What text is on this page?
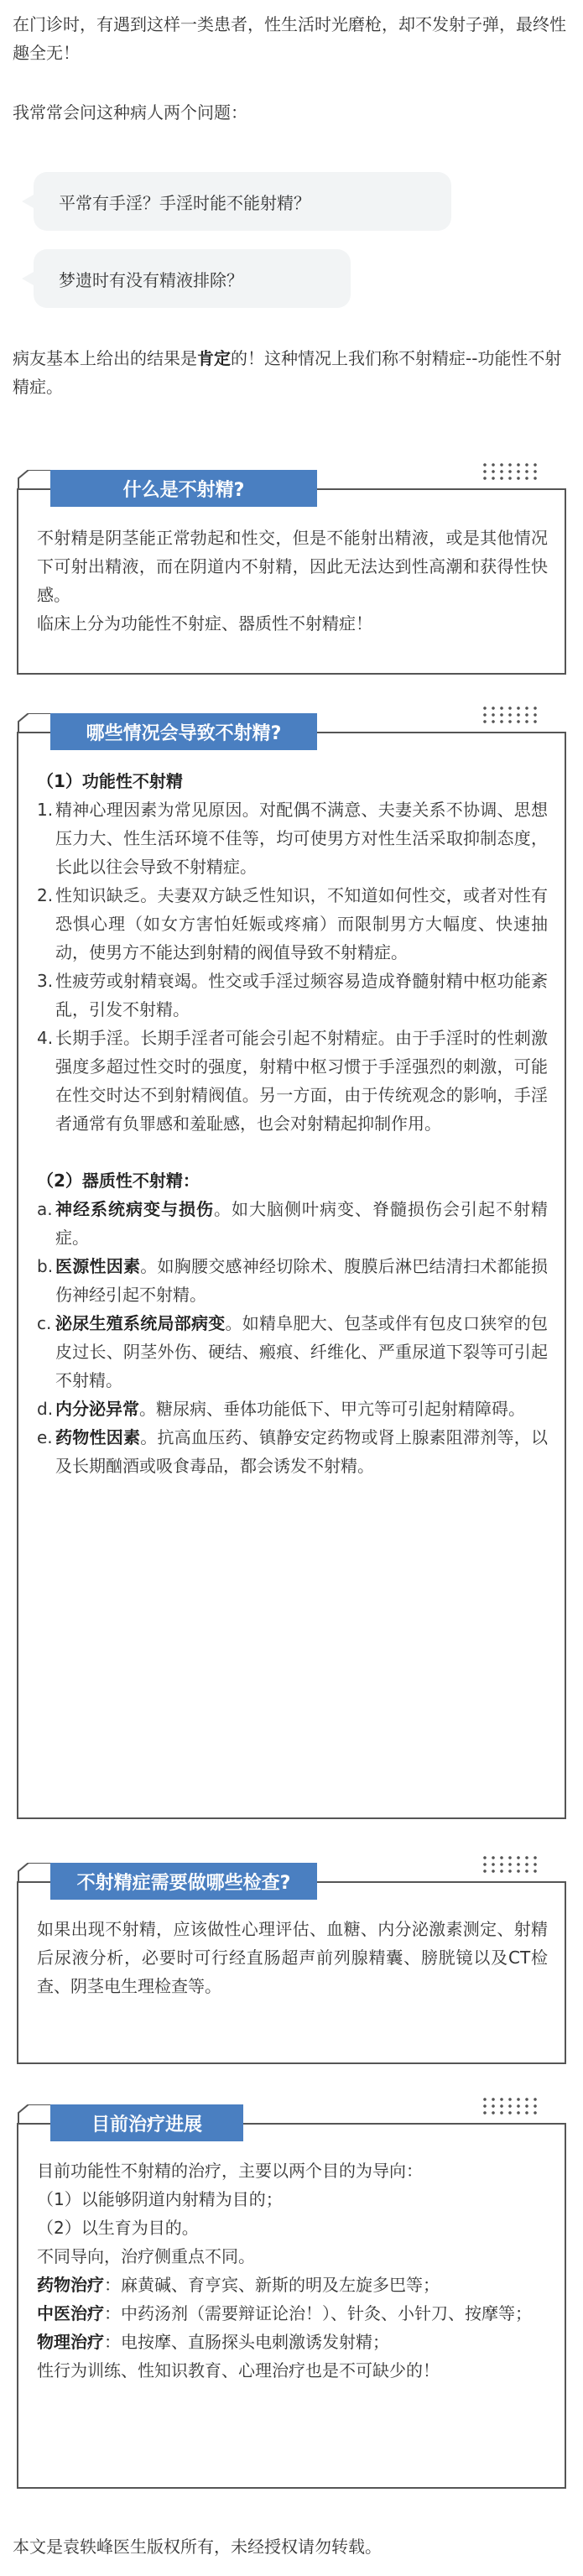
在门诊时，有遇到这样一类患者，性生活时光磨枪，却不发射子弹，最终性趣全无！

我常常会问这种病人两个问题：

平常有手淫？手淫时能不能射精？
梦遗时有没有精液排除？

病友基本上给出的结果是肯定的！这种情况上我们称不射精症--功能性不射精症。

什么是不射精?

不射精是阴茎能正常勃起和性交，但是不能射出精液，或是其他情况下可射出精液，而在阴道内不射精，因此无法达到性高潮和获得性快感。

临床上分为功能性不射症、器质性不射精症！

哪些情况会导致不射精?

（1）功能性不射精

1. 精神心理因素为常见原因。对配偶不满意、夫妻关系不协调、思想压力大、性生活环境不佳等，均可使男方对性生活采取抑制态度，长此以往会导致不射精症。
2. 性知识缺乏。夫妻双方缺乏性知识，不知道如何性交，或者对性有恐惧心理（如女方害怕妊娠或疼痛）而限制男方大幅度、快速抽动，使男方不能达到射精的阀值导致不射精症。
3. 性疲劳或射精衰竭。性交或手淫过频容易造成脊髓射精中枢功能紊乱，引发不射精。
4. 长期手淫。长期手淫者可能会引起不射精症。由于手淫时的性刺激强度多超过性交时的强度，射精中枢习惯于手淫强烈的刺激，可能在性交时达不到射精阀值。另一方面，由于传统观念的影响，手淫者通常有负罪感和羞耻感，也会对射精起抑制作用。

（2）器质性不射精：

a. 神经系统病变与损伤。如大脑侧叶病变、脊髓损伤会引起不射精症。
b. 医源性因素。如胸腰交感神经切除术、腹膜后淋巴结清扫术都能损伤神经引起不射精。
c. 泌尿生殖系统局部病变。如精阜肥大、包茎或伴有包皮口狭窄的包皮过长、阴茎外伤、硬结、瘢痕、纤维化、严重尿道下裂等可引起不射精。
d. 内分泌异常。糖尿病、垂体功能低下、甲亢等可引起射精障碍。
e. 药物性因素。抗高血压药、镇静安定药物或肾上腺素阻滞剂等，以及长期酗酒或吸食毒品，都会诱发不射精。
不射精症需要做哪些检查?

如果出现不射精，应该做性心理评估、血糖、内分泌激素测定、射精后尿液分析，必要时可行经直肠超声前列腺精囊、膀胱镜以及CT检查、阴茎电生理检查等。

目前治疗进展

目前功能性不射精的治疗，主要以两个目的为导向：

（1）以能够阴道内射精为目的；

（2）以生育为目的。

不同导向，治疗侧重点不同。

药物治疗：麻黄碱、育亨宾、新斯的明及左旋多巴等；

中医治疗：中药汤剂（需要辩证论治！）、针灸、小针刀、按摩等；

物理治疗：电按摩、直肠探头电刺激诱发射精；

性行为训练、性知识教育、心理治疗也是不可缺少的！

本文是袁轶峰医生版权所有，未经授权请勿转载。
